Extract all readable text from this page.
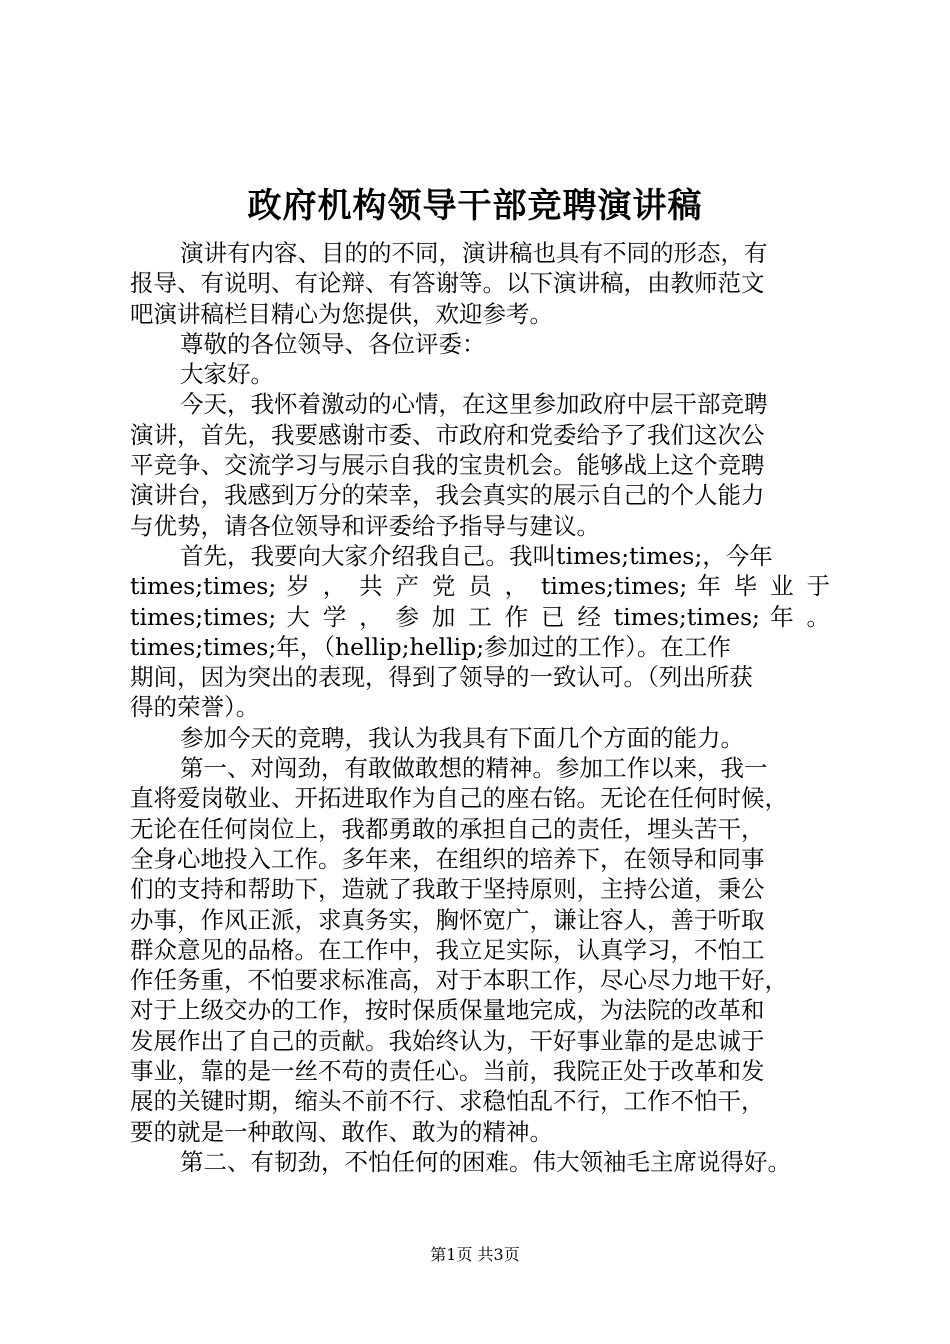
政府机构领导干部竞聘演讲稿
演讲有内容、目的的不同，演讲稿也具有不同的形态，有
报导、有说明、有论辩、有答谢等。以下演讲稿，由教师范文
吧演讲稿栏目精心为您提供，欢迎参考。
尊敬的各位领导、各位评委：
大家好。
今天，我怀着激动的心情，在这里参加政府中层干部竞聘
演讲，首先，我要感谢市委、市政府和党委给予了我们这次公
平竞争、交流学习与展示自我的宝贵机会。能够战上这个竞聘
演讲台，我感到万分的荣幸，我会真实的展示自己的个人能力
与优势，请各位领导和评委给予指导与建议。
首先，我要向大家介绍我自己。我叫times;times;，今年
times;times; 岁 ， 共 产 党 员 ， times;times; 年 毕 业 于
times;times; 大 学 ， 参 加 工 作 已 经 times;times; 年 。
times;times;年，（hellip;hellip;参加过的工作）。在工作
期间，因为突出的表现，得到了领导的一致认可。（列出所获
得的荣誉）。
参加今天的竞聘，我认为我具有下面几个方面的能力。
第一、对闯劲，有敢做敢想的精神。参加工作以来，我一
直将爱岗敬业、开拓进取作为自己的座右铭。无论在任何时候，
无论在任何岗位上，我都勇敢的承担自己的责任，埋头苦干，
全身心地投入工作。多年来，在组织的培养下，在领导和同事
们的支持和帮助下，造就了我敢于坚持原则，主持公道，秉公
办事，作风正派，求真务实，胸怀宽广，谦让容人，善于听取
群众意见的品格。在工作中，我立足实际，认真学习，不怕工
作任务重，不怕要求标准高，对于本职工作，尽心尽力地干好，
对于上级交办的工作，按时保质保量地完成，为法院的改革和
发展作出了自己的贡献。我始终认为，干好事业靠的是忠诚于
事业，靠的是一丝不苟的责任心。当前，我院正处于改革和发
展的关键时期，缩头不前不行、求稳怕乱不行，工作不怕干，
要的就是一种敢闯、敢作、敢为的精神。
第二、有韧劲，不怕任何的困难。伟大领袖毛主席说得好。
第1页 共3页
